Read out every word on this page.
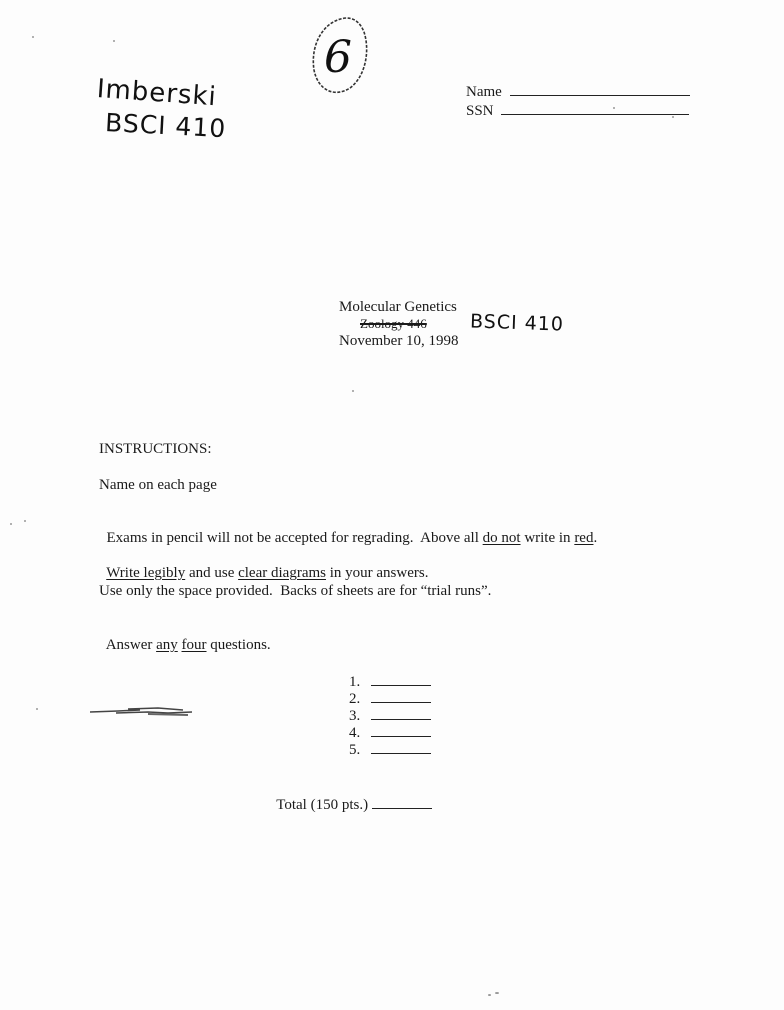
Imberski
BSCI 410
6
Name
SSN
Molecular Genetics
Zoology 446 BSCI 410
November 10, 1998
INSTRUCTIONS:
Name on each page

Exams in pencil will not be accepted for regrading.  Above all do not write in red.

Write legibly and use clear diagrams in your answers.

Use only the space provided.  Backs of sheets are for “trial runs”.

Answer any four questions.

1.
2.
3.
4.
5.

Total (150 pts.)
